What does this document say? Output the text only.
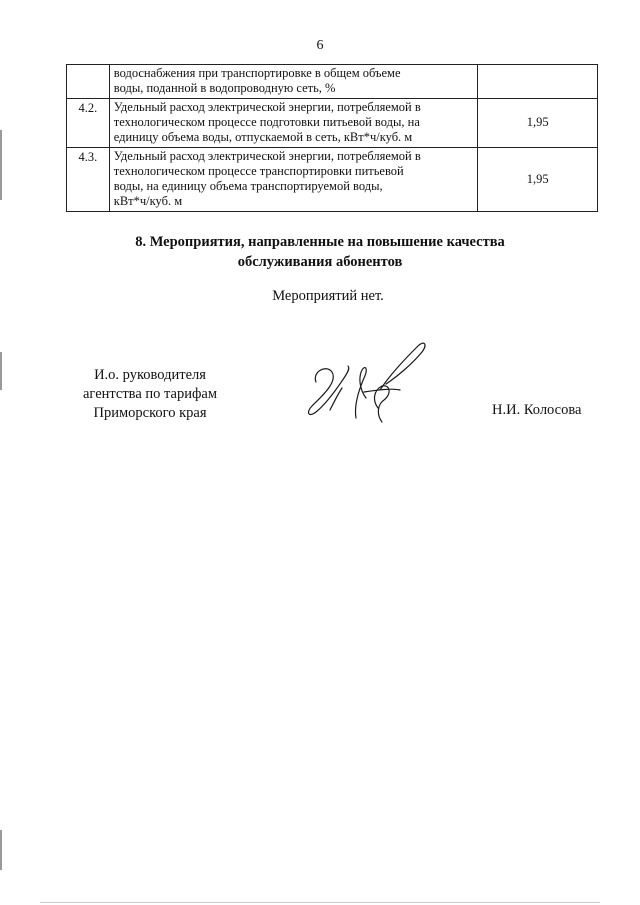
6

	водоснабжения при транспортировке в общем объеме
воды, поданной в водопроводную сеть, %	

4.2.	Удельный расход электрической энергии, потребляемой в
технологическом процессе подготовки питьевой воды, на
единицу объема воды, отпускаемой в сеть, кВт*ч/куб. м	1,95
4.3.	Удельный расход электрической энергии, потребляемой в
технологическом процессе транспортировки питьевой
воды, на единицу объема транспортируемой воды,
кВт*ч/куб. м	1,95
8. Мероприятия, направленные на повышение качества
обслуживания абонентов
Мероприятий нет.
И.о. руководителя
агентства по тарифам
Приморского края	Н.И. Колосова
